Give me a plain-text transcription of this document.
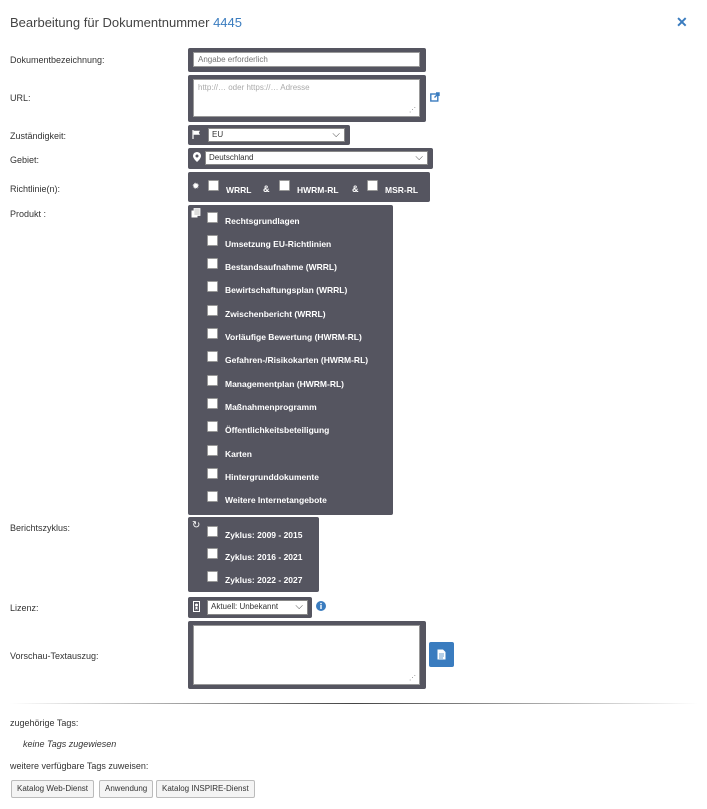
Bearbeitung für Dokumentnummer 4445	✕
Dokumentbezeichnung:
Angabe erforderlich
URL:
http://… oder https://… Adresse
⋰
Zuständigkeit:	EU	⌵
Gebiet:	Deutschland	⌵
Richtlinie(n):	✹	WRRL &	HWRM-RL &	MSR-RL
Produkt :
Rechtsgrundlagen
Umsetzung EU-Richtlinien
Bestandsaufnahme (WRRL)
Bewirtschaftungsplan (WRRL)
Zwischenbericht (WRRL)
Vorläufige Bewertung (HWRM-RL)
Gefahren-/Risikokarten (HWRM-RL)
Managementplan (HWRM-RL)
Maßnahmenprogramm
Öffentlichkeitsbeteiligung
Karten
Hintergrunddokumente
Weitere Internetangebote
Berichtszyklus:	↻
Zyklus: 2009 - 2015
Zyklus: 2016 - 2021
Zyklus: 2022 - 2027
Lizenz:	Aktuell: Unbekannt ⌵
Vorschau-Textauszug:
⋰
zugehörige Tags:
keine Tags zugewiesen
weitere verfügbare Tags zuweisen:
Katalog Web-Dienst	Anwendung	Katalog INSPIRE-Dienst
